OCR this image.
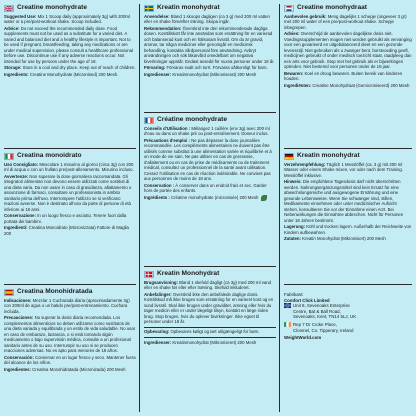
Creatine monohydrate

Suggested Use: Mix 1 Scoop daily (approximately 3g) with 200ml water or a pre/post-workout shake. Scoop included.

Advice: Do not exceed the recommended daily dose. Food supplements must not be used as a substitute for a varied diet. A varied and balanced diet and a healthy lifestyle is important. Not to be used if pregnant, breastfeeding, taking any medications or are under medical supervision, please consult a healthcare professional before use. Discontinue use if any adverse reactions occur. Not intended for use by persons under the age of 18.

Storage: Store in a cool and dry place. Keep out of reach of children.

Ingredients: Creatine Monohydrate (Micronised) 200 Mesh.

Creatina monoidrato

Uso Consigliato: Mescolare 1 misurino al giorno (circa 3g) con 200 ml di acqua o con un frullato pre/post-allenamento. Misurino incluso.

Avvertenze: Non superare la dose giornaliera raccomandata. Gli integratori alimentari non devono essere utilizzati come sostituti di una dieta varia. Da non usare in caso di gravidanza, allattamento o assunzione di farmaci, consultare un professionista in ambito sanitario prima dell'uso. Interrompere l'utilizzo se si verificano reazioni avverse. Non è destinato all'uso da parte di persone di età inferiore ai 18 anni.

Conservazione: In un luogo fresco e asciutto. Tenere fuori dalla portata dei bambini.

Ingredienti: Creatina Monoidrato (Micronizzata) Fattore di Maglia 200

Creatina Monohidratada

Indicaciones: Mezclar 1 Cucharada diaria (aproximadamente 3g) con 200ml de agua o un batido pre/post-entrenamiento. Cuchara incluida.

Precauciones: No superar la dosis diaria recomendada. Los complementos alimenticios no deben utilizarse como sustitutos de una dieta variada y equilibrada y un estilo de vida saludable. No usar en caso de embarazo, lactancia, o si está tomando algún medicamento o bajo supervisión médica, consulte a un profesional sanitario antes de su uso. Interrumpir su uso si se producen reacciones adversas. No es apto para menores de 18 años.

Conservación: Conservar en un lugar fresco y seco. Mantener fuera del alcance de los niños.

Ingredientes: Creatina Monohidratada (Micronizada) 200 Mesh

Kreatin monohydrat

Anvendelse: Bland 1 skoops dagligen (ca 3 g) med 200 ml vatten eller en shake före/efter träning. Skopa ingår.

Rekommendation: Överskrid inte den rekommenderade dagliga dosen. Kosttillskott får inte användas som ersättning för en varierad och balanserad kost och en hälsosam livsstil. Om du är gravid, ammar, tar några mediciner eller genomgår en medicinsk behandling, kontakta vårdpersonal före användning. Avbryt användningen och sök läkarvård omedelbart om negativa biverkningar uppstår. Endast avsedd för vuxna personer under 18 år.

Förvaring: Förvaras svalt och torrt. Förvaras oåtkomligt för barn.

Ingredienser: Kreatinmonohydrat (Mikroniserat) 200 Mesh

Créatine monohydrate

Conseils d'Utilisation : Mélangez 1 cuillère (env 3g) avec 200 ml d'eau ou dans un shake pré ou post-entraînement. Doseur inclus.

Précautions d'emploi : Ne pas dépasser la dose journalière recommandée. Les compléments alimentaires ne doivent pas être utilisés comme substitut à une alimentation variée et équilibrée et à un mode de vie sain. Ne pas utiliser en cas de grossesse, d'allaitement ou en cas de prise de médicaments ou de traitement médical, consultez un professionnel de la santé avant utilisation. Cessez l'utilisation en cas de réaction indésirable. Ne convient pas aux personnes de moins de 18 ans.

Conservation : À conserver dans un endroit frais et sec. Garder hors de portée des enfants.

Ingrédients : Créatine monohydrate (micronisée) 200 Mesh

Kreatin Monohydrat

Brugsanvisning: Bland 1 skefuld dagligt (ca 3g) med 200 ml vand eller en shake før eller efter træning. Skefuld inkluderet.

Anbefalinger: Overskrid ikke den anbefalede daglige dosis. Kosttilskud må ikke bruges som erstatning for en varieret kost og en sund livsstil. Skal ikke bruges under graviditet, amning eller hvis du tager medicin eller er under lægeligt tilsyn, kontakt en læge inden brug. Stop brugen, hvis du oplever bivirkninger. Ikke egnet til personer under 18 år.

Opbevaring: Opbevares køligt og tørt utilgængeligt for børn.

Ingredienser: Kreatinmonohydrat (Mikroniseret) 200 Mesh

Creatine monohydraat

Aanbevolen gebruik: Meng dagelijks 1 schepje (ongeveer 3 gr) met 200 ml water of een pre/post-workout shake. Schepje inbegrepen.

Advies: Overschrijd de aanbevolen dagelijkse dosis niet. Voedingssupplementen mogen niet worden gebruikt als vervanging voor een gevarieerd en uitgebalanceerd dieet en een gezonde levensstijl. Niet gebruiken als u zwanger bent, borstvoeding geeft, medicijnen gebruikt of onder medisch toezicht staat, raadpleeg dan een arts voor gebruik. Stop met het gebruik als er bijwerkingen optreden. Niet bestemd voor personen onder de 18 jaar.

Bewaren: Koel en droog bewaren. Buiten bereik van kinderen houden.

Ingrediënten: Creatine Monohydraat (Gemicroniseerd) 200 Mesh

Kreatin monohydrat

Verzehrempfehlung: Täglich 1 Messlöffel (ca. 3 g) mit 200 ml Wasser oder einem Shake mixen, vor oder nach dem Training. Messlöffel inklusive.

Hinweis: Die empfohlene Tagesdosis darf nicht überschritten werden. Nahrungsergänzungsmittel sind kein Ersatz für eine abwechslungsreiche und ausgewogene Ernährung und eine gesunde Lebensweise. Wenn Sie schwanger sind, stillen, Medikamente einnehmen oder unter medizinischer Aufsicht stehen, konsultieren Sie vor der Einnahme einen Arzt. Bei Nebenwirkungen die Einnahme abbrechen. Nicht für Personen unter 18 Jahren bestimmt.

Lagerung: Kühl und trocken lagern. Außerhalb der Reichweite von Kindern aufbewahren.

Zutaten: Kreatin Monohydrat (Mikronisiert) 200 Mesh

Fabrikant:
Comfort Click Limited
Unit 8, Sevenoaks Enterprise
Centre, Bat & Ball Road,
Sevenoaks, Kent, TN14 5LJ, UK
Rep 7 Dr Croke Place,
Clonmel, Co. Tipperary, Ireland
WeightWorld.com
